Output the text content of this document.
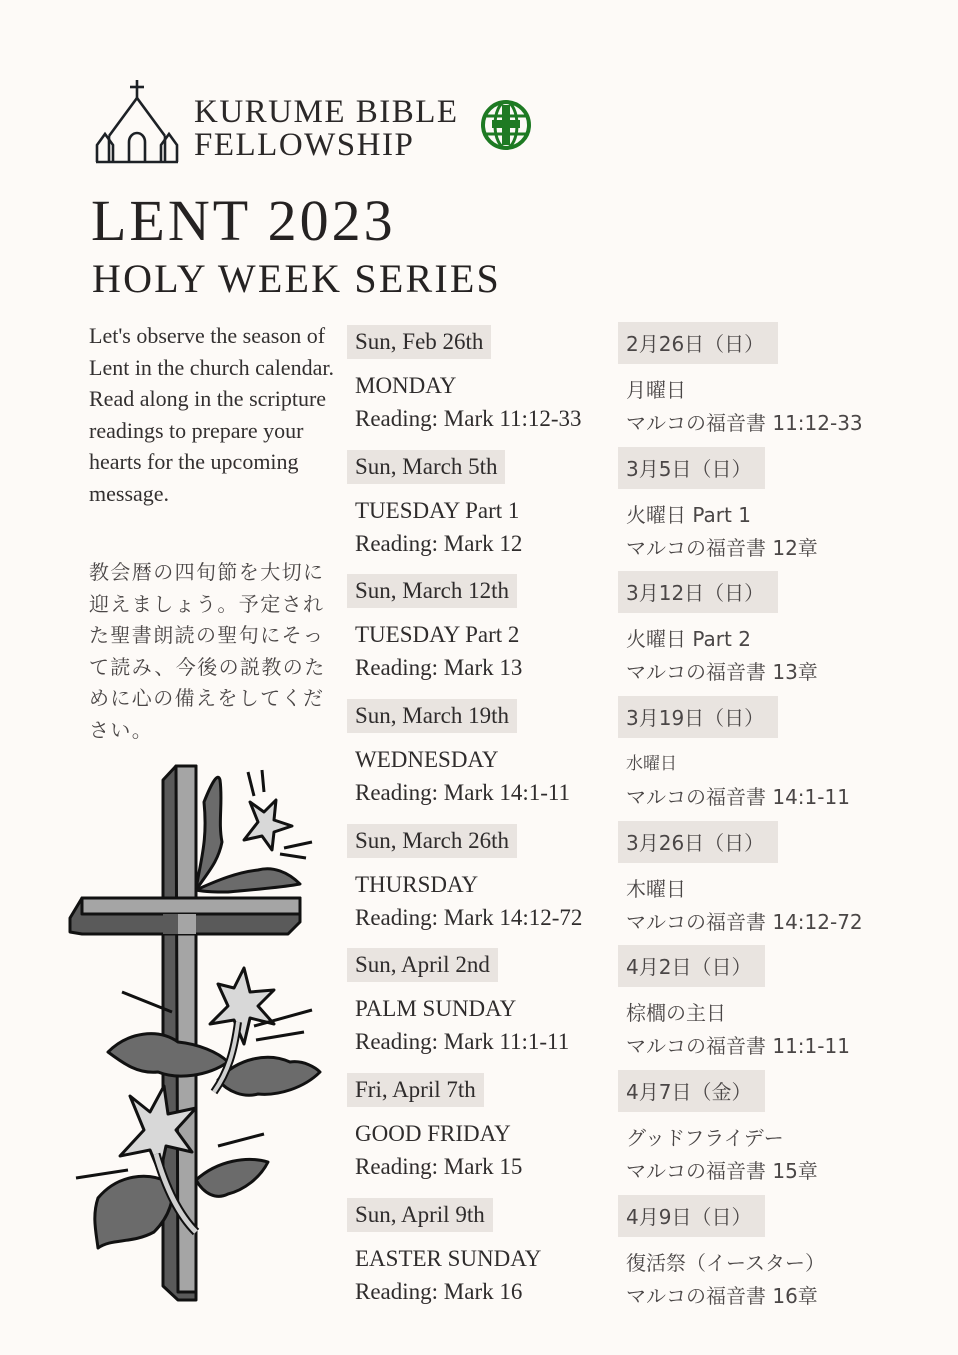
KURUME BIBLE
FELLOWSHIP
LENT 2023
HOLY WEEK SERIES
Let's observe the season of Lent in the church calendar. Read along in the scripture readings to prepare your hearts for the upcoming message.
教会暦の四旬節を大切に迎えましょう。予定された聖書朗読の聖句にそって読み、今後の説教のために心の備えをしてください。
Sun, Feb 26th
MONDAY
Reading: Mark 11:12-33
2月26日（日）
月曜日
マルコの福音書 11:12-33
Sun, March 5th
TUESDAY Part 1
Reading: Mark 12
3月5日（日）
火曜日 Part 1
マルコの福音書 12章
Sun, March 12th
TUESDAY Part 2
Reading: Mark 13
3月12日（日）
火曜日 Part 2
マルコの福音書 13章
Sun, March 19th
WEDNESDAY
Reading: Mark 14:1-11
3月19日（日）
水曜日
マルコの福音書 14:1-11
Sun, March 26th
THURSDAY
Reading: Mark 14:12-72
3月26日（日）
木曜日
マルコの福音書 14:12-72
Sun, April 2nd
PALM SUNDAY
Reading: Mark 11:1-11
4月2日（日）
棕櫚の主日
マルコの福音書 11:1-11
Fri, April 7th
GOOD FRIDAY
Reading: Mark 15
4月7日（金）
グッドフライデー
マルコの福音書 15章
Sun, April 9th
EASTER SUNDAY
Reading: Mark 16
4月9日（日）
復活祭（イースター）
マルコの福音書 16章
